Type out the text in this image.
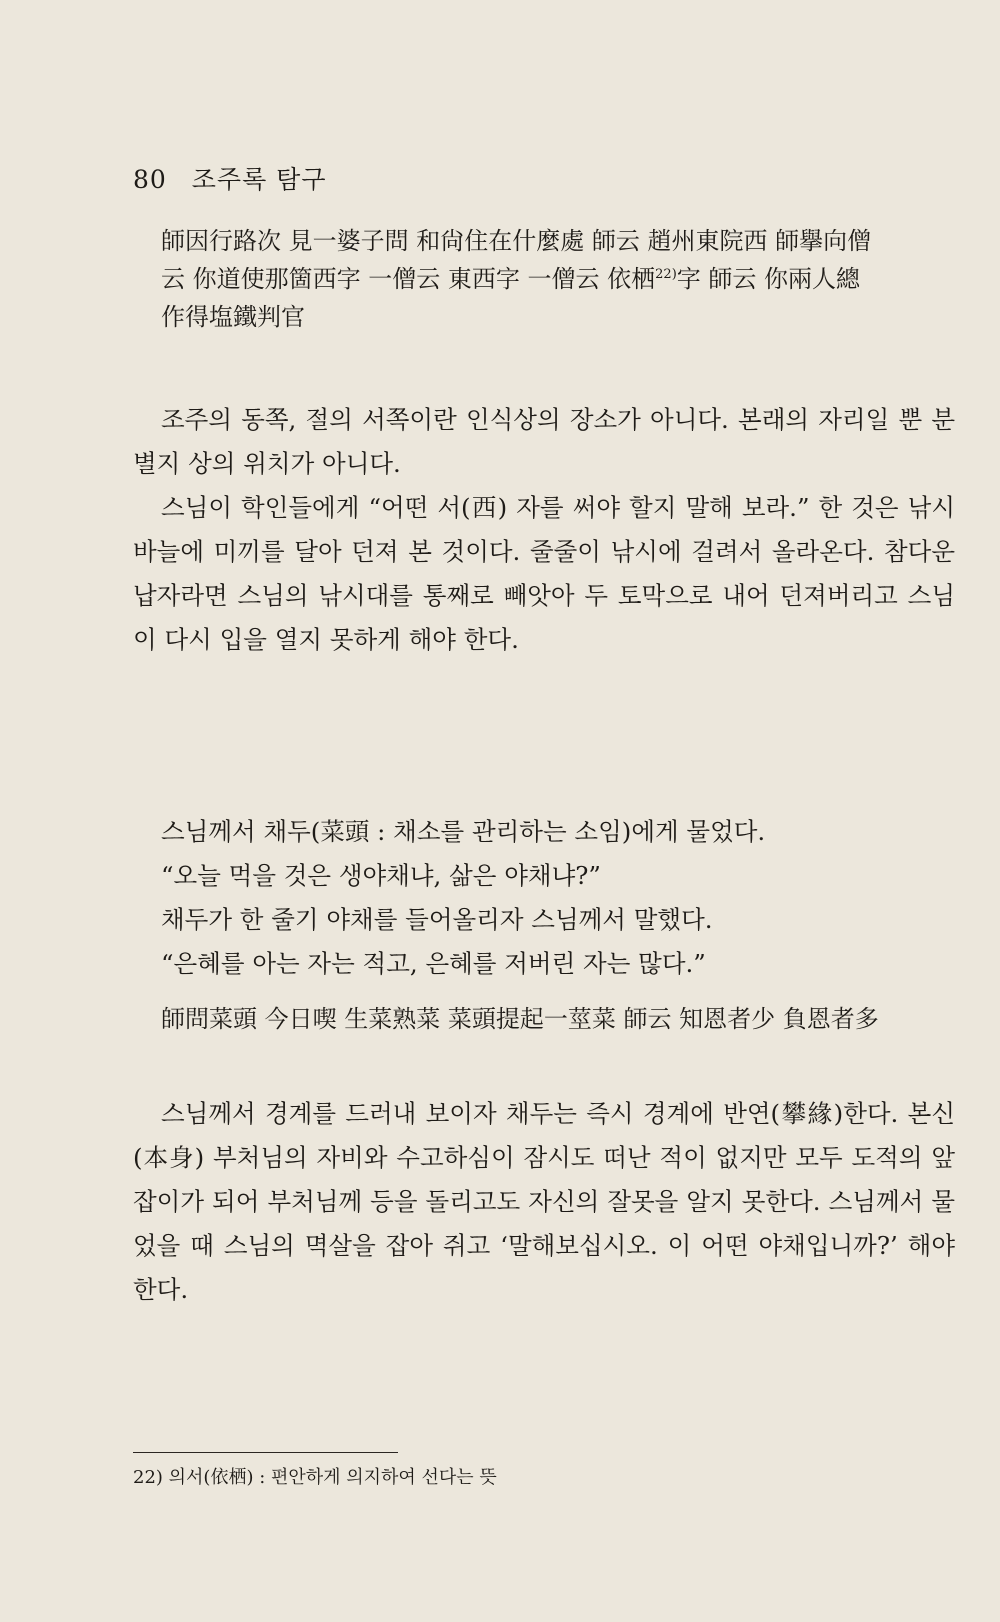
80 조주록 탐구

師因行路次 見一婆子問 和尙住在什麼處 師云 趙州東院西 師擧向僧

云 你道使那箇西字 一僧云 東西字 一僧云 依栖$^{22)}$字 師云 你兩人總

作得塩鐵判官

조주의 동쪽, 절의 서쪽이란 인식상의 장소가 아니다. 본래의 자리일 뿐 분별지 상의 위치가 아니다.

스님이 학인들에게 “어떤 서(西) 자를 써야 할지 말해 보라.” 한 것은 낚시바늘에 미끼를 달아 던져 본 것이다. 줄줄이 낚시에 걸려서 올라온다. 참다운 납자라면 스님의 낚시대를 통째로 빼앗아 두 토막으로 내어 던져버리고 스님이 다시 입을 열지 못하게 해야 한다.

스님께서 채두(菜頭 : 채소를 관리하는 소임)에게 물었다.

“오늘 먹을 것은 생야채냐, 삶은 야채냐?”

채두가 한 줄기 야채를 들어올리자 스님께서 말했다.

“은혜를 아는 자는 적고, 은혜를 저버린 자는 많다.”

師問菜頭 今日喫 生菜熟菜 菜頭提起一莖菜 師云 知恩者少 負恩者多

스님께서 경계를 드러내 보이자 채두는 즉시 경계에 반연(攀緣)한다. 본신(本身) 부처님의 자비와 수고하심이 잠시도 떠난 적이 없지만 모두 도적의 앞잡이가 되어 부처님께 등을 돌리고도 자신의 잘못을 알지 못한다. 스님께서 물었을 때 스님의 멱살을 잡아 쥐고 ‘말해보십시오. 이 어떤 야채입니까?’ 해야 한다.

22) 의서(依栖) : 편안하게 의지하여 선다는 뜻
